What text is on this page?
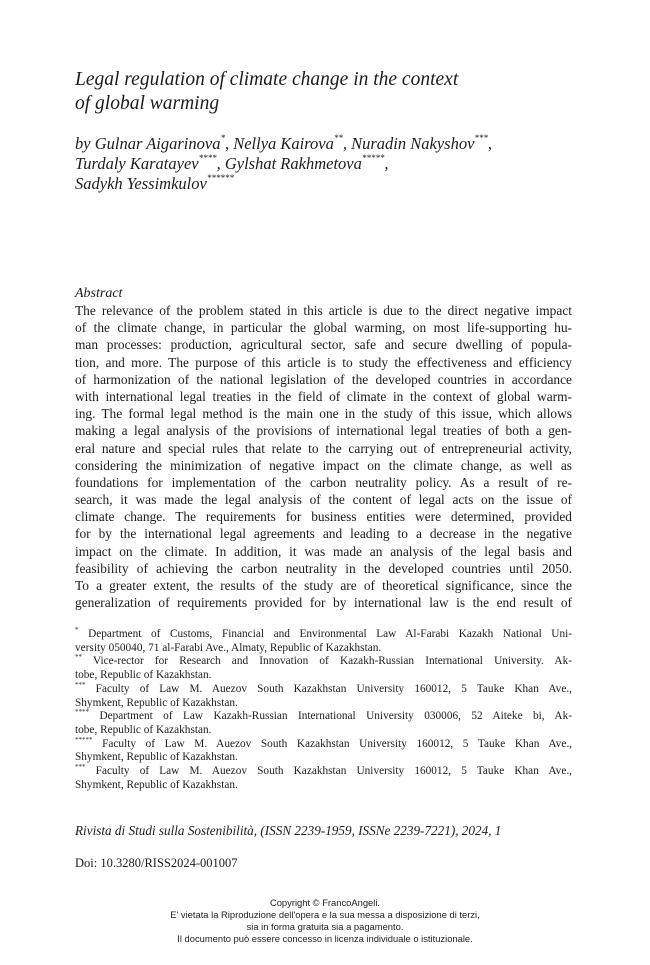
Legal regulation of climate change in the context
of global warming
by Gulnar Aigarinova*, Nellya Kairova**, Nuradin Nakyshov***,
Turdaly Karatayev****, Gylshat Rakhmetova*****,
Sadykh Yessimkulov******
Abstract
The relevance of the problem stated in this article is due to the direct negative impact
of the climate change, in particular the global warming, on most life-supporting hu-
man processes: production, agricultural sector, safe and secure dwelling of popula-
tion, and more. The purpose of this article is to study the effectiveness and efficiency
of harmonization of the national legislation of the developed countries in accordance
with international legal treaties in the field of climate in the context of global warm-
ing. The formal legal method is the main one in the study of this issue, which allows
making a legal analysis of the provisions of international legal treaties of both a gen-
eral nature and special rules that relate to the carrying out of entrepreneurial activity,
considering the minimization of negative impact on the climate change, as well as
foundations for implementation of the carbon neutrality policy. As a result of re-
search, it was made the legal analysis of the content of legal acts on the issue of
climate change. The requirements for business entities were determined, provided
for by the international legal agreements and leading to a decrease in the negative
impact on the climate. In addition, it was made an analysis of the legal basis and
feasibility of achieving the carbon neutrality in the developed countries until 2050.
To a greater extent, the results of the study are of theoretical significance, since the
generalization of requirements provided for by international law is the end result of
* Department of Customs, Financial and Environmental Law Al-Farabi Kazakh National Uni-
versity 050040, 71 al-Farabi Ave., Almaty, Republic of Kazakhstan.
** Vice-rector for Research and Innovation of Kazakh-Russian International University. Ak-
tobe, Republic of Kazakhstan.
*** Faculty of Law M. Auezov South Kazakhstan University 160012, 5 Tauke Khan Ave.,
Shymkent, Republic of Kazakhstan.
**** Department of Law Kazakh-Russian International University 030006, 52 Aiteke bi, Ak-
tobe, Republic of Kazakhstan.
***** Faculty of Law M. Auezov South Kazakhstan University 160012, 5 Tauke Khan Ave.,
Shymkent, Republic of Kazakhstan.
*** Faculty of Law M. Auezov South Kazakhstan University 160012, 5 Tauke Khan Ave.,
Shymkent, Republic of Kazakhstan.
Rivista di Studi sulla Sostenibilità, (ISSN 2239-1959, ISSNe 2239-7221), 2024, 1
Doi: 10.3280/RISS2024-001007
Copyright © FrancoAngeli.
E' vietata la Riproduzione dell'opera e la sua messa a disposizione di terzi,
sia in forma gratuita sia a pagamento.
Il documento può essere concesso in licenza individuale o istituzionale.
